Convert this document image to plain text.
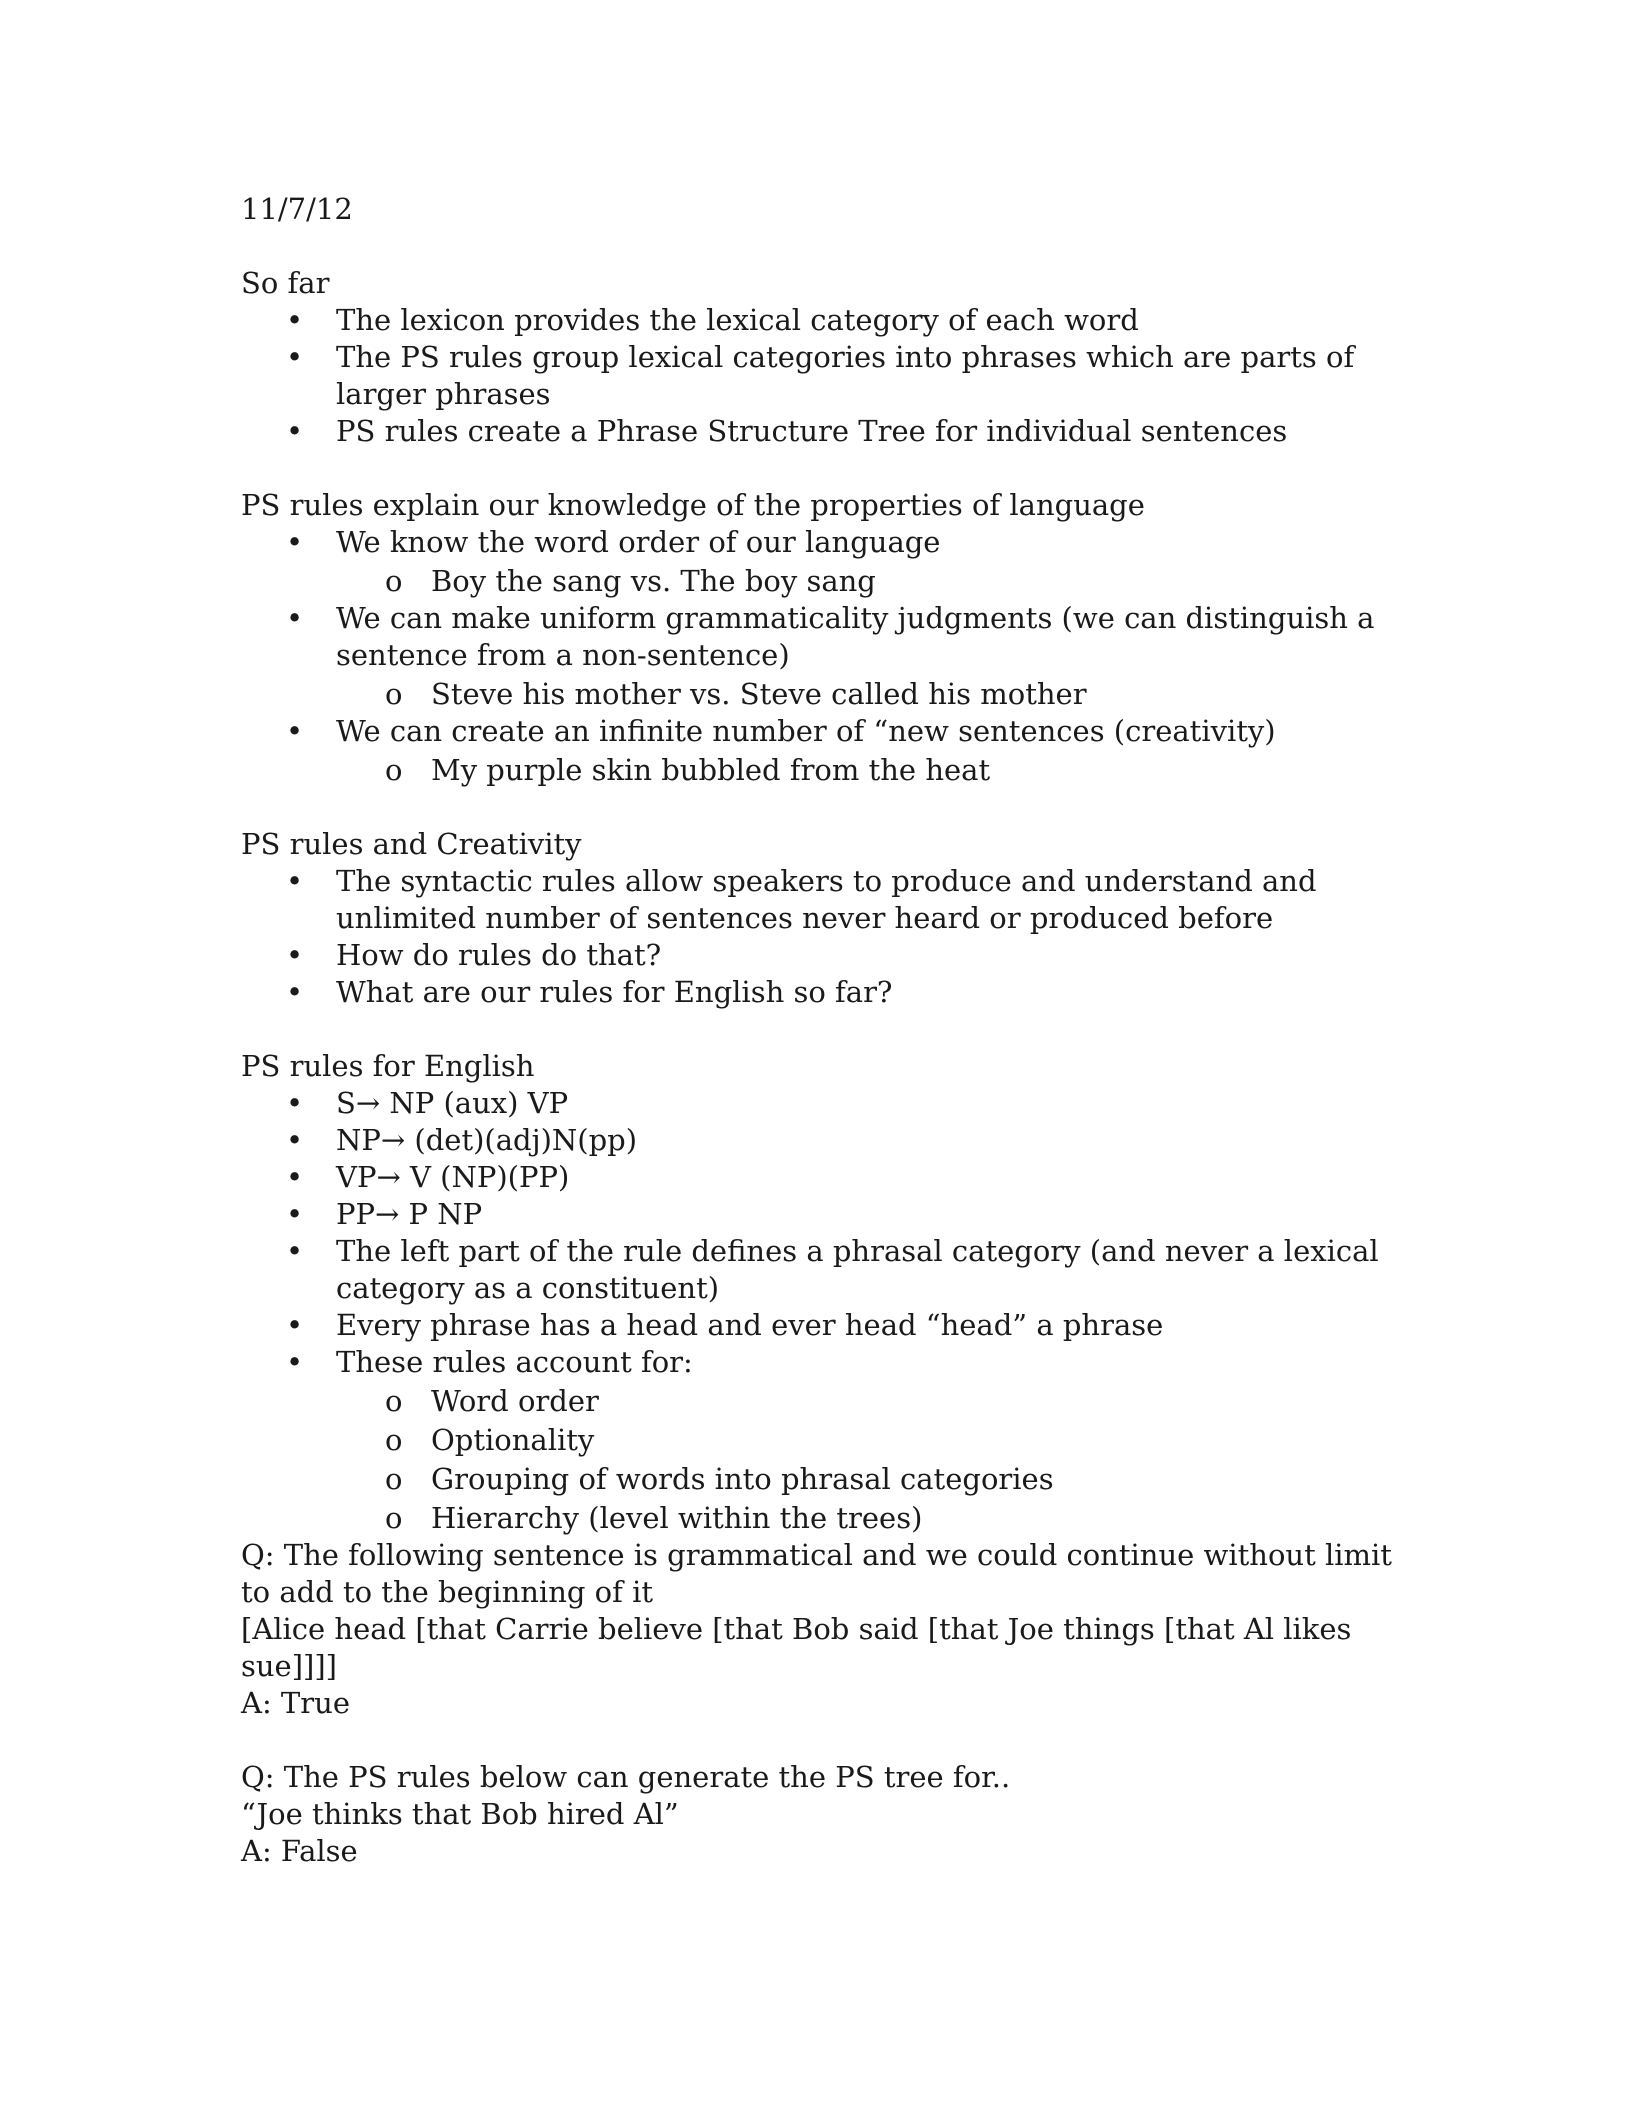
11/7/12

So far

• The lexicon provides the lexical category of each word
• The PS rules group lexical categories into phrases which are parts of larger phrases
• PS rules create a Phrase Structure Tree for individual sentences

PS rules explain our knowledge of the properties of language

• We know the word order of our language
o Boy the sang vs. The boy sang
• We can make uniform grammaticality judgments (we can distinguish a sentence from a non-sentence)
o Steve his mother vs. Steve called his mother
• We can create an infinite number of “new sentences (creativity)
o My purple skin bubbled from the heat

PS rules and Creativity

• The syntactic rules allow speakers to produce and understand and unlimited number of sentences never heard or produced before
• How do rules do that?
• What are our rules for English so far?

PS rules for English

• S→ NP (aux) VP
• NP→ (det)(adj)N(pp)
• VP→ V (NP)(PP)
• PP→ P NP
• The left part of the rule defines a phrasal category (and never a lexical category as a constituent)
• Every phrase has a head and ever head “head” a phrase
• These rules account for:
o Word order
o Optionality
o Grouping of words into phrasal categories
o Hierarchy (level within the trees)

Q: The following sentence is grammatical and we could continue without limit to add to the beginning of it

[Alice head [that Carrie believe [that Bob said [that Joe things [that Al likes sue]]]]

A: True

Q: The PS rules below can generate the PS tree for..

“Joe thinks that Bob hired Al”

A: False
